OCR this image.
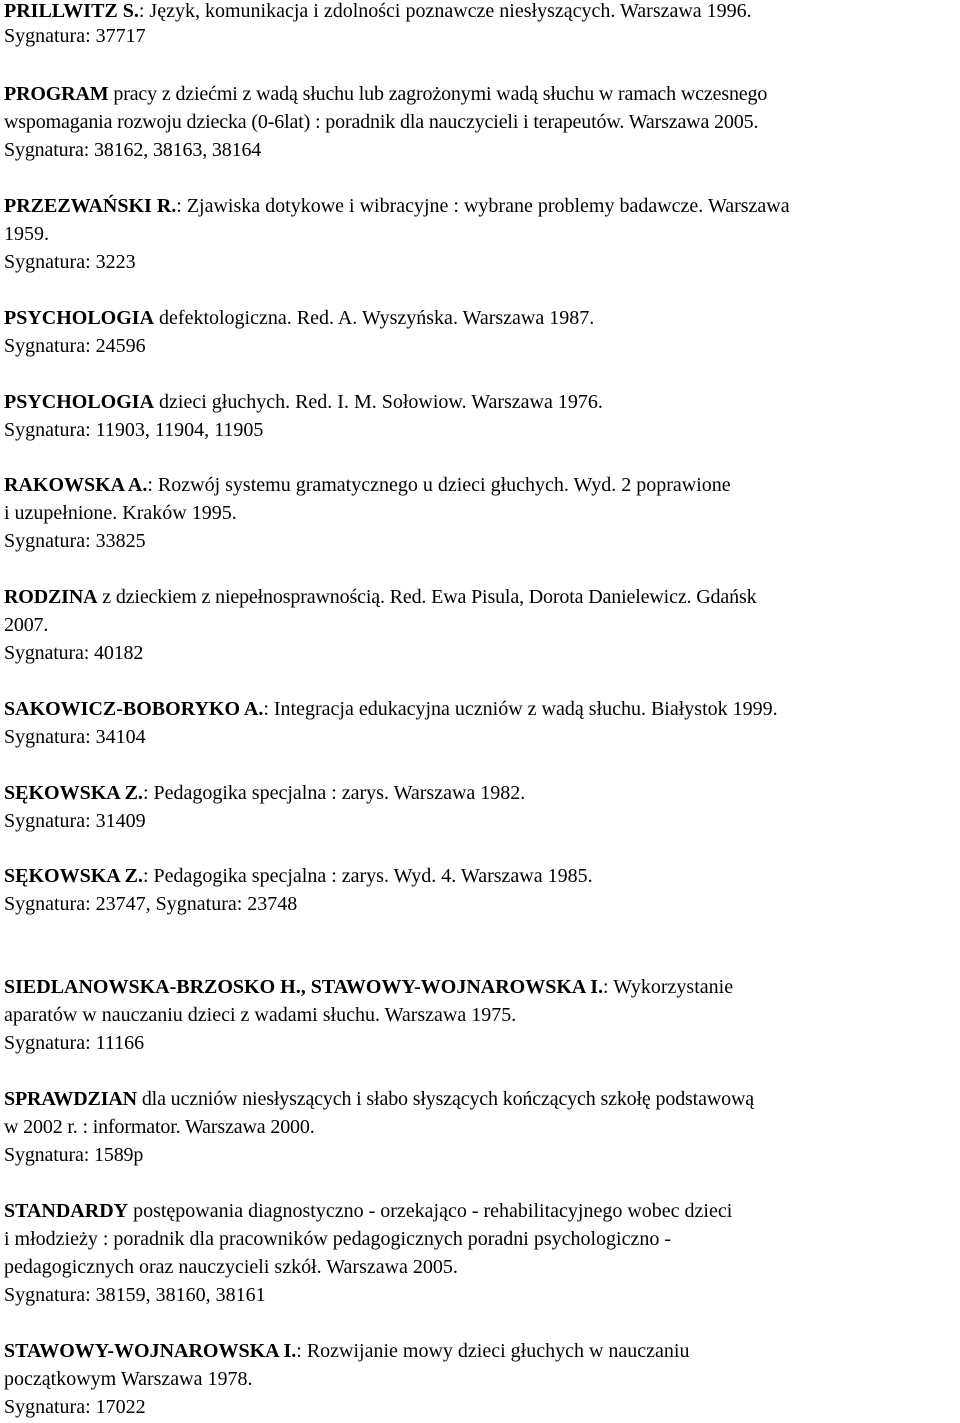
PRILLWITZ S.: Język, komunikacja i zdolności poznawcze niesłyszących. Warszawa 1996.
Sygnatura: 37717
PROGRAM pracy z dziećmi z wadą słuchu lub zagrożonymi wadą słuchu w ramach wczesnego
wspomagania rozwoju dziecka (0-6lat) : poradnik dla nauczycieli i terapeutów. Warszawa 2005.
Sygnatura: 38162, 38163, 38164
PRZEZWAŃSKI R.: Zjawiska dotykowe i wibracyjne : wybrane problemy badawcze. Warszawa
1959.
Sygnatura: 3223
PSYCHOLOGIA defektologiczna. Red. A. Wyszyńska. Warszawa 1987.
Sygnatura: 24596
PSYCHOLOGIA dzieci głuchych. Red. I. M. Sołowiow. Warszawa 1976.
Sygnatura: 11903, 11904, 11905
RAKOWSKA A.: Rozwój systemu gramatycznego u dzieci głuchych. Wyd. 2 poprawione
i uzupełnione. Kraków 1995.
Sygnatura: 33825
RODZINA z dzieckiem z niepełnosprawnością. Red. Ewa Pisula, Dorota Danielewicz. Gdańsk
2007.
Sygnatura: 40182
SAKOWICZ-BOBORYKO A.: Integracja edukacyjna uczniów z wadą słuchu. Białystok 1999.
Sygnatura: 34104
SĘKOWSKA Z.: Pedagogika specjalna : zarys. Warszawa 1982.
Sygnatura: 31409
SĘKOWSKA Z.: Pedagogika specjalna : zarys. Wyd. 4. Warszawa 1985.
Sygnatura: 23747, Sygnatura: 23748
SIEDLANOWSKA-BRZOSKO H., STAWOWY-WOJNAROWSKA I.: Wykorzystanie
aparatów w nauczaniu dzieci z wadami słuchu. Warszawa 1975.
Sygnatura: 11166
SPRAWDZIAN dla uczniów niesłyszących i słabo słyszących kończących szkołę podstawową
w 2002 r. : informator. Warszawa 2000.
Sygnatura: 1589p
STANDARDY postępowania diagnostyczno - orzekająco - rehabilitacyjnego wobec dzieci
i młodzieży : poradnik dla pracowników pedagogicznych poradni psychologiczno -
pedagogicznych oraz nauczycieli szkół. Warszawa 2005.
Sygnatura: 38159, 38160, 38161
STAWOWY-WOJNAROWSKA I.: Rozwijanie mowy dzieci głuchych w nauczaniu
początkowym Warszawa 1978.
Sygnatura: 17022
